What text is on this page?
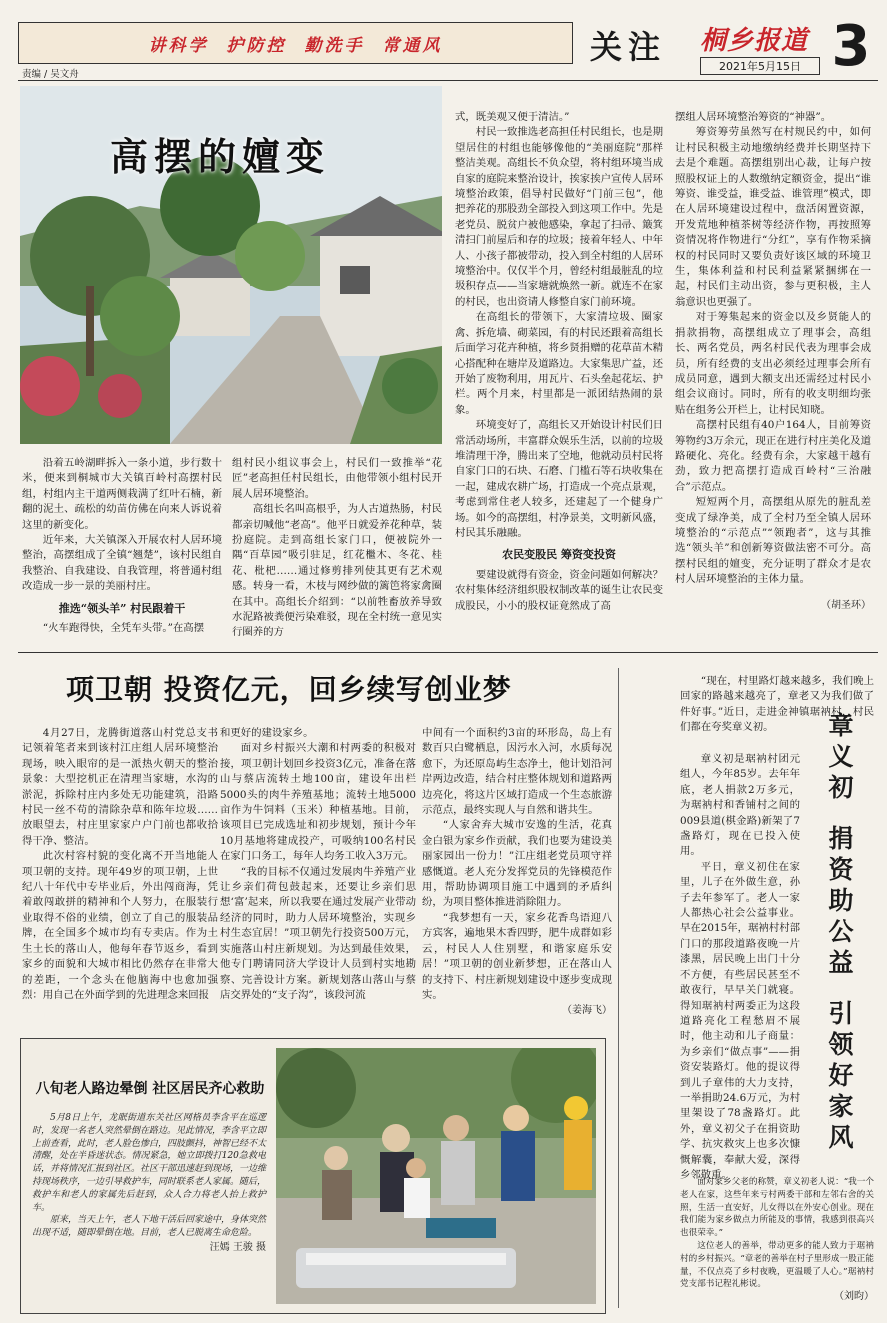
讲科学 护防控 勤洗手 常通风	关注	桐乡报道
2021年5月15日 3
责编 / 吴文舟
高摆的嬗变

沿着五岭湖畔拆入一条小道，步行数十米，便来到桐城市大关镇百岭村高摆村民组，村组内主干道两侧栽满了红叶石楠，新翻的泥土、疏松的幼苗仿佛在向来人诉说着这里的新变化。

近年来，大关镇深入开展农村人居环境整治，高摆组成了全镇“翘楚”，该村民组自我整治、自我建设、自我管理，将普通村组改造成一步一景的美丽村庄。

推选“领头羊” 村民跟着干

“火车跑得快，全凭车头带。”在高摆

组村民小组议事会上，村民们一致推举“花匠”老高担任村民组长，由他带领小组村民开展人居环境整治。

高组长名叫高根乎，为人古道热肠，村民都亲切喊他“老高”。他平日就爱养花种草，装扮庭院。走到高组长家门口，便被院外一隅“百草园”吸引驻足，红花檵木、冬花、桂花、枇杷……通过修剪排列使其更有艺术观感。转身一看，木枝与网纱做的篱笆将家禽圈在其中。高组长介绍到：“以前牲畜放养导致水泥路被粪便污染难驳，现在全村统一意见实行圈养的方

式，既美观又便于清洁。”

村民一致推选老高担任村民组长，也是期望居住的村组也能够像他的“美丽庭院”那样整洁美观。高组长不负众望，将村组环境当成自家的庭院来整治设计，挨家挨户宣传人居环境整治政策，倡导村民做好“门前三包”，他把养花的那股劲全部投入到这项工作中。先是老党员、脱贫户被他感染，拿起了扫帚、簸箕清扫门前屋后和存的垃圾；接着年轻人、中年人、小孩子都被带动，投入到全村组的人居环境整治中。仅仅半个月，曾经村组最脏乱的垃圾积存点——当家塘就焕然一新。就连不在家的村民，也出资请人修整自家门前环境。

在高组长的带领下，大家清垃圾、圈家禽、拆危墙、砌菜园，有的村民还跟着高组长后面学习花卉种植，将乡贤捐赠的花草苗木精心搭配种在塘岸及道路边。大家集思广益，还开始了废物利用，用瓦片、石头垒起花坛、护栏。两个月来，村里都是一派团结热闹的景象。

环境变好了，高组长又开始设计村民们日常活动场所，丰富群众娱乐生活，以前的垃圾堆清理干净，腾出来了空地，他就动员村民将自家门口的石块、石磨、门槛石等石块收集在一起，建成农耕广场，打造成一个亮点景观，考虑到常住老人较多，还建起了一个健身广场。如今的高摆组，村净景美，文明新风盛，村民其乐融融。

农民变股民 筹资变投资

要建设就得有资金，资金问题如何解决？农村集体经济组织股权制改革的诞生让农民变成股民，小小的股权证竟然成了高

摆组人居环境整治筹资的“神器”。

筹资筹劳虽然写在村规民约中，如何让村民积极主动地缴纳经费并长期坚持下去是个难题。高摆组别出心裁，让每户按照股权证上的人数缴纳定额资金，提出“谁筹资、谁受益，谁受益、谁管理”模式，即在人居环境建设过程中，盘活闲置资源，开发荒地种植茶树等经济作物，再按照筹资情况将作物进行“分红”，享有作物采摘权的村民同时又要负责好该区域的环境卫生，集体利益和村民利益紧紧捆绑在一起，村民们主动出资，参与更积极，主人翁意识也更强了。

对于筹集起来的资金以及乡贤能人的捐款捐物，高摆组成立了理事会，高组长、两名党员，两名村民代表为理事会成员，所有经费的支出必须经过理事会所有成员同意，遇到大额支出还需经过村民小组会议商讨。同时，所有的收支明细均张贴在组务公开栏上，让村民知晓。

高摆村民组有40户164人，目前筹资筹物约3万余元，现正在进行村庄美化及道路硬化、亮化。经费有余，大家越干越有劲，致力把高摆打造成百岭村“三治融合”示范点。

短短两个月，高摆组从原先的脏乱差变成了绿净美，成了全村乃至全镇人居环境整治的“示范点”“领跑者”，这与其推选“领头羊”和创新筹资做法密不可分。高摆村民组的嬗变，充分证明了群众才是农村人居环境整治的主体力量。

（胡圣环）
项卫朝 投资亿元，回乡续写创业梦

4月27日，龙腾街道落山村党总支书记领着笔者来到该村江庄组人居环境整治现场，映入眼帘的是一派热火朝天的整治景象：大型挖机正在清理当家塘，水沟的淤泥，拆除村庄内多处无功能建筑，沿路村民一丝不苟的清除杂草和陈年垃圾……放眼望去，村庄里家家户户门前也都收拾得干净、整洁。

此次村容村貌的变化离不开当地能人项卫朝的支持。现年49岁的项卫朝，上世纪八十年代中专毕业后，外出闯商海，凭着敢闯敢拼的精神和个人努力，在服装行业取得不俗的业绩，创立了自己的服装品牌，在全国多个城市均有专卖店。作为土生土长的落山人，他每年春节返乡，看到家乡的面貌和大城市相比仍然存在非常大的差距，一个念头在他脑海中也愈加强烈：用自己在外面学到的先进理念来回报

和更好的建设家乡。

面对乡村振兴大潮和村两委的积极对接，项卫朝计划回乡投资3亿元，准备在落山与蔡店流转土地100亩，建设年出栏5000头的肉牛养殖基地；流转土地5000亩作为牛饲料（玉米）种植基地。目前，该项目已完成选址和初步规划，预计今年10月基地将建成投产，可吸纳100名村民在家门口务工，每年人均务工收入3万元。

“我的目标不仅通过发展肉牛养殖产业让乡亲们荷包鼓起来，还要让乡亲们思想‘富’起来，所以我要在通过发展产业带动经济的同时，助力人居环境整治，实现乡村生态宜居！”项卫朝先行投资500万元，实施落山村庄新规划。为达到最佳效果，他专门聘请同济大学设计人员到村实地勘察、完善设计方案。新规划落山落山与蔡店交界处的“支子沟”，该段河流

中间有一个面积约3亩的环形岛，岛上有数百只白鹭栖息，因污水入河，水质每况愈下，为还原岛屿生态净土，他计划沿河岸两边改造，结合村庄整体规划和道路两边亮化，将这片区域打造成一个生态旅游示范点，最终实现人与自然和谐共生。

“人家舍弃大城市安逸的生活，花真金白银为家乡作贡献，我们也要为建设美丽家园出一份力！”江庄组老党员项守祥感慨道。老人充分发挥党员的先锋模范作用，帮助协调项目施工中遇到的矛盾纠纷，为项目整体推进消除阻力。

“我梦想有一天，家乡花香鸟语迎八方宾客，遍地果木香四野，肥牛成群如彩云，村民人人住别墅，和谐家庭乐安居！”项卫朝的创业新梦想，正在落山人的支持下、村庄新规划建设中逐步变成现实。

（姜海飞）

“现在，村里路灯越来越多，我们晚上回家的路越来越亮了，章老又为我们做了件好事。”近日，走进金神镇琚衲村，村民们都在夸奖章义初。

章义初是琚衲村团元组人，今年85岁。去年年底，老人捐款2万多元，为琚衲村和香铺村之间的009县道(棋金路)新架了7盏路灯，现在已投入使用。

平日，章义初住在家里，儿子在外做生意，孙子去年参军了。老人一家人都热心社会公益事业。早在2015年，琚衲村村部门口的那段道路夜晚一片漆黑，居民晚上出门十分不方便，有些居民甚至不敢夜行，早早关门就寝。得知琚衲村两委正为这段道路亮化工程愁眉不展时，他主动和儿子商量：为乡亲们“做点事”——捐资安装路灯。他的提议得到儿子章伟的大力支持，一举捐助24.6万元，为村里架设了78盏路灯。此外，章义初父子在捐资助学、抗灾救灾上也多次慷慨解囊，奉献大爱，深得乡邻敬重。

章义初
捐资助公益
引领好家风

面对家乡父老的称赞，章义初老人说：“我一个老人在家，这些年来亏村两委干部和左邻右舍的关照，生活一直安好，儿女得以在外安心创业。现在我们能为家乡做点力所能及的事情，我感到很高兴也很荣幸。”

这位老人的善举，带动更多的能人致力于琚衲村的乡村振兴。“章老的善举在村子里形成一股正能量，不仅点亮了乡村夜晚，更温暖了人心。”琚衲村党支部书记程礼彬说。

（刘昀）
八旬老人路边晕倒 社区居民齐心救助

5月8日上午，龙眠街道东关社区网格员李含平在巡逻时，发现一名老人突然晕倒在路边。见此情况，李含平立即上前查看，此时，老人脸色惨白，四肢颤抖，神智已经不太清醒，处在半昏迷状态。情况紧急，她立即拨打120急救电话，并将情况汇报到社区。社区干部迅速赶到现场，一边维持现场秩序，一边引导救护车，同时联系老人家属。随后，救护车和老人的家属先后赶到，众人合力将老人抬上救护车。

原来，当天上午，老人下地干活后回家途中，身体突然出现不适，随即晕倒在地。目前，老人已脱离生命危险。

汪嫣 王骏 摄
